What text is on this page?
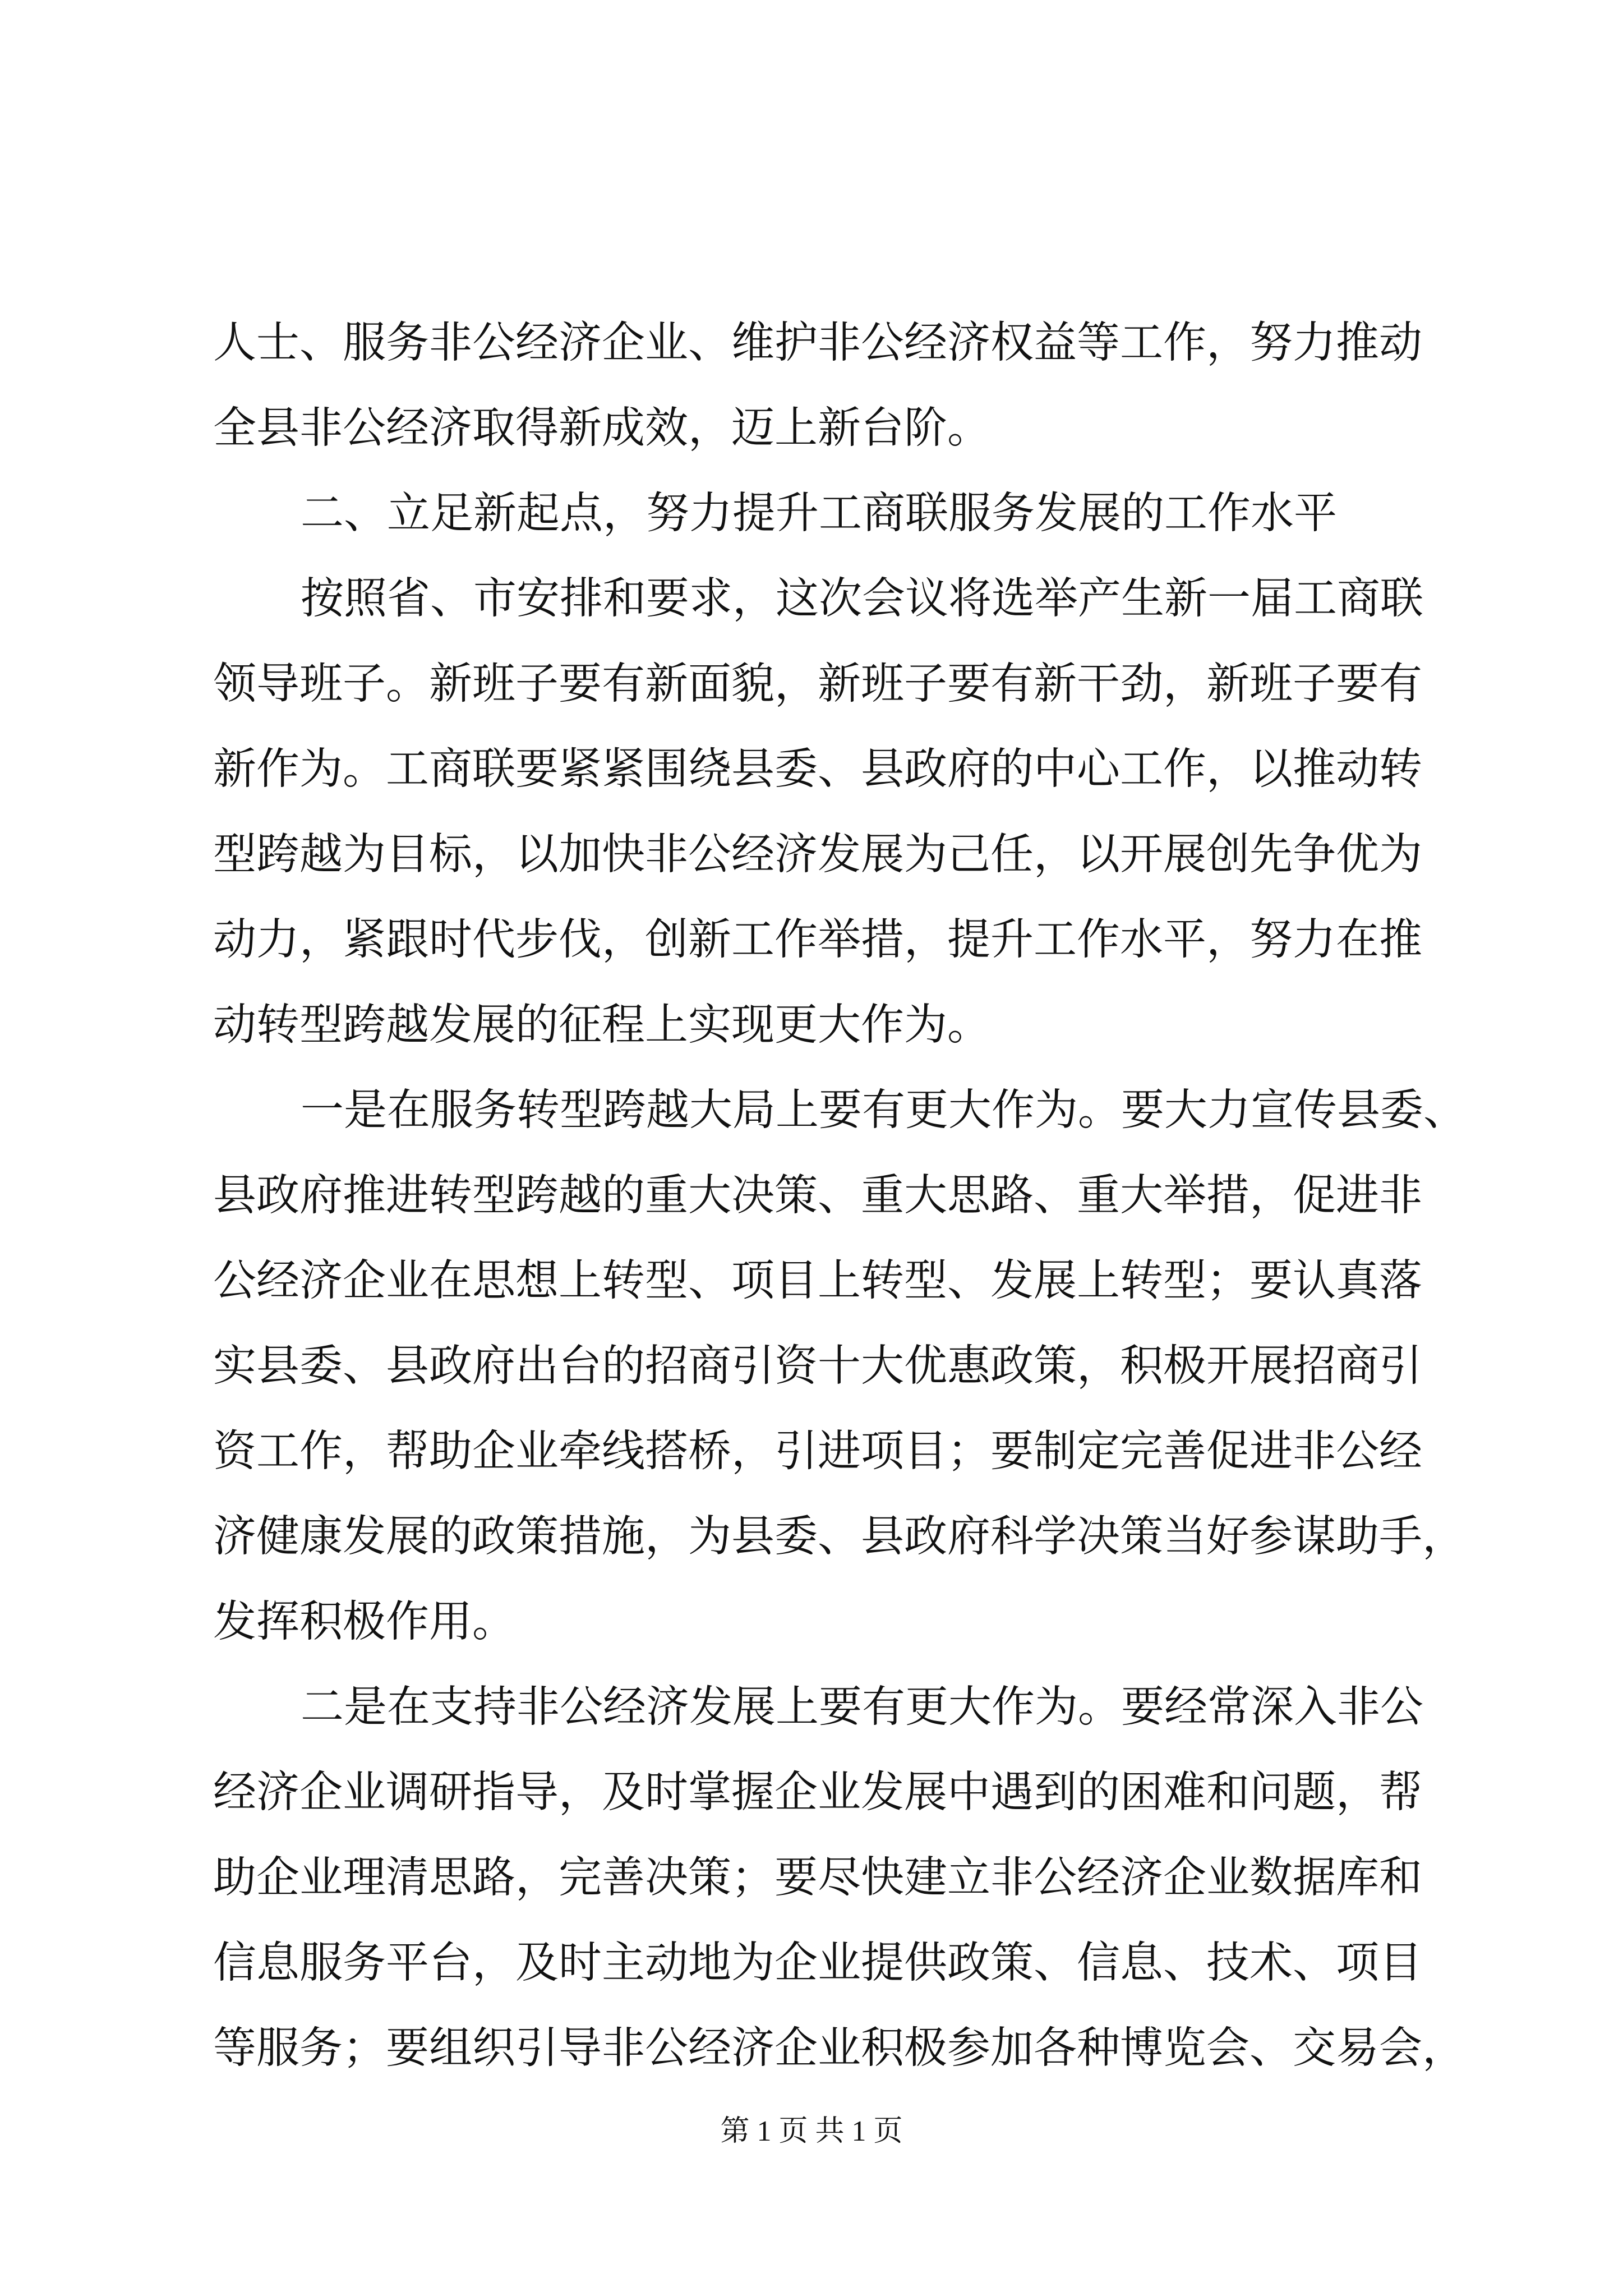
人士、服务非公经济企业、维护非公经济权益等工作，努力推动
全县非公经济取得新成效，迈上新台阶。
二、立足新起点，努力提升工商联服务发展的工作水平
按照省、市安排和要求，这次会议将选举产生新一届工商联
领导班子。新班子要有新面貌，新班子要有新干劲，新班子要有
新作为。工商联要紧紧围绕县委、县政府的中心工作，以推动转
型跨越为目标，以加快非公经济发展为己任，以开展创先争优为
动力，紧跟时代步伐，创新工作举措，提升工作水平，努力在推
动转型跨越发展的征程上实现更大作为。
一是在服务转型跨越大局上要有更大作为。要大力宣传县委、
县政府推进转型跨越的重大决策、重大思路、重大举措，促进非
公经济企业在思想上转型、项目上转型、发展上转型；要认真落
实县委、县政府出台的招商引资十大优惠政策，积极开展招商引
资工作，帮助企业牵线搭桥，引进项目；要制定完善促进非公经
济健康发展的政策措施，为县委、县政府科学决策当好参谋助手，
发挥积极作用。
二是在支持非公经济发展上要有更大作为。要经常深入非公
经济企业调研指导，及时掌握企业发展中遇到的困难和问题，帮
助企业理清思路，完善决策；要尽快建立非公经济企业数据库和
信息服务平台，及时主动地为企业提供政策、信息、技术、项目
等服务；要组织引导非公经济企业积极参加各种博览会、交易会，
第 1 页 共 1 页
